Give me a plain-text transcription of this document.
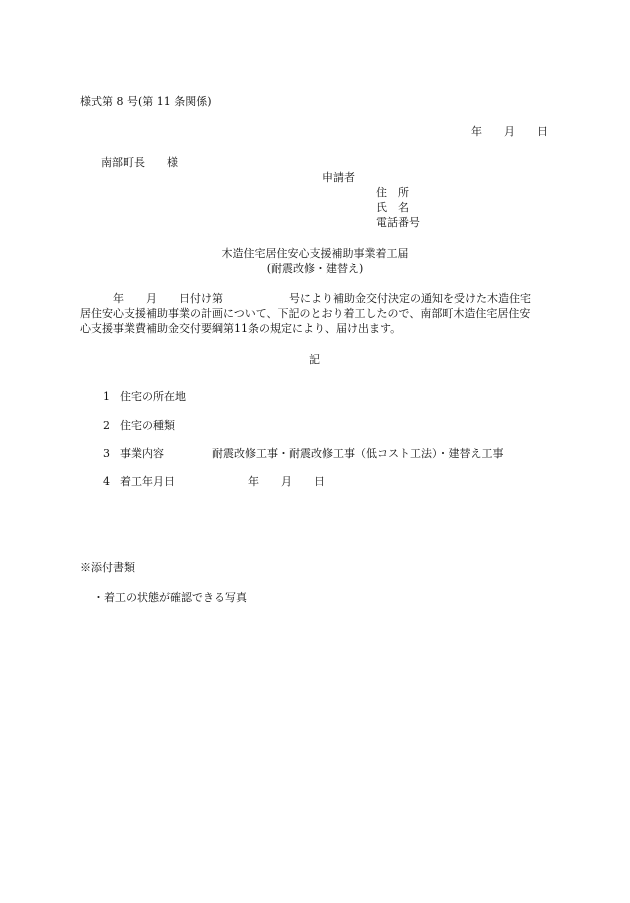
様式第 8 号(第 11 条関係)
年　　月　　日
南部町長　　様
申請者
住　所
氏　名
電話番号
木造住宅居住安心支援補助事業着工届
(耐震改修・建替え)
　　　年　　月　　日付け第　　　　　　号により補助金交付決定の通知を受けた木造住宅
居住安心支援補助事業の計画について、下記のとおり着工したので、南部町木造住宅居住安
心支援事業費補助金交付要綱第11条の規定により、届け出ます。
記
1 住宅の所在地
2 住宅の種類
3 事業内容	耐震改修工事・耐震改修工事（低コスト工法）・建替え工事
4 着工年月日	年　　月　　日
※添付書類
・着工の状態が確認できる写真
